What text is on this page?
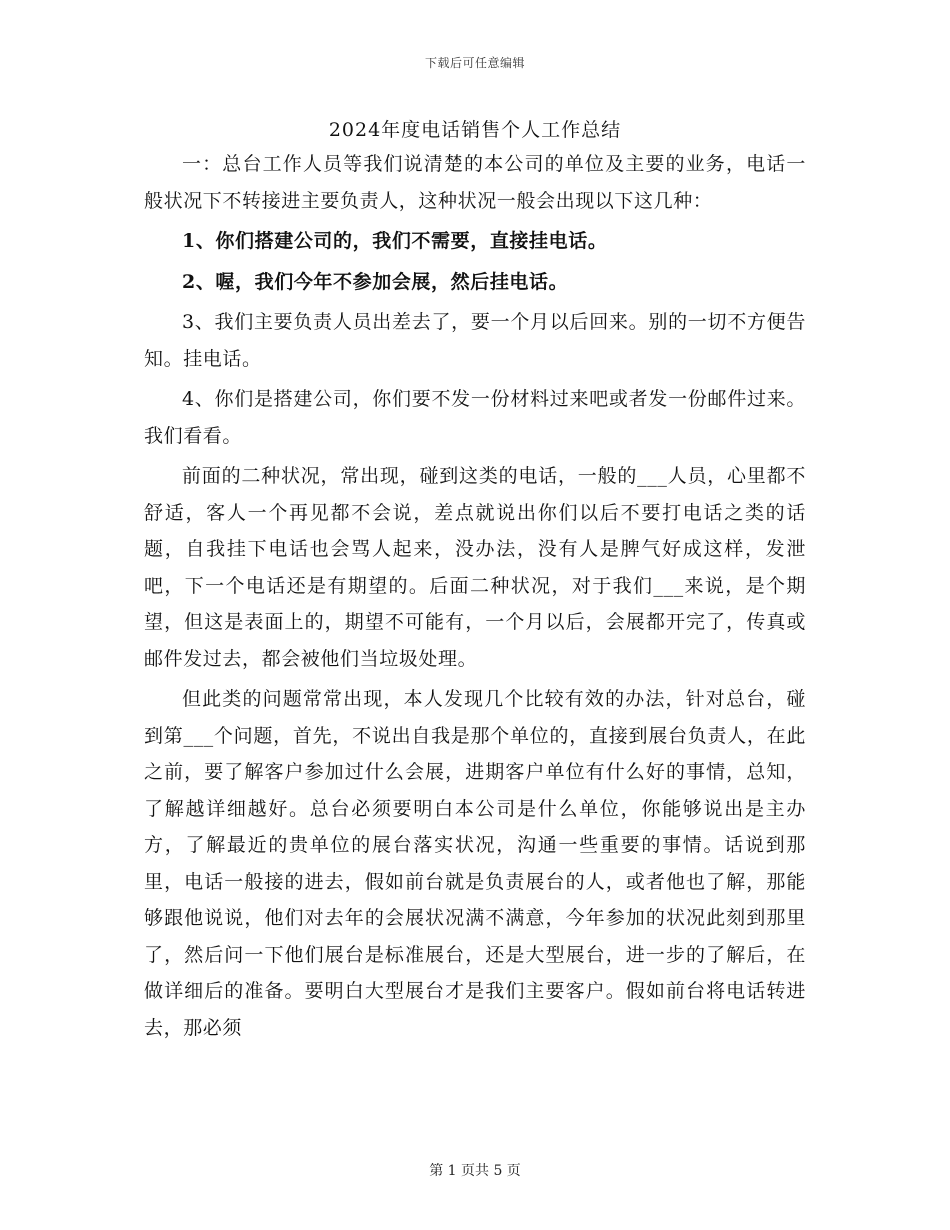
下载后可任意编辑
2024年度电话销售个人工作总结

一：总台工作人员等我们说清楚的本公司的单位及主要的业务，电话一般状况下不转接进主要负责人，这种状况一般会出现以下这几种：

1、你们搭建公司的，我们不需要，直接挂电话。

2、喔，我们今年不参加会展，然后挂电话。

3、我们主要负责人员出差去了，要一个月以后回来。别的一切不方便告知。挂电话。

4、你们是搭建公司，你们要不发一份材料过来吧或者发一份邮件过来。我们看看。

前面的二种状况，常出现，碰到这类的电话，一般的___人员，心里都不舒适，客人一个再见都不会说，差点就说出你们以后不要打电话之类的话题，自我挂下电话也会骂人起来，没办法，没有人是脾气好成这样，发泄吧，下一个电话还是有期望的。后面二种状况，对于我们___来说，是个期望，但这是表面上的，期望不可能有，一个月以后，会展都开完了，传真或邮件发过去，都会被他们当垃圾处理。

但此类的问题常常出现，本人发现几个比较有效的办法，针对总台，碰到第___个问题，首先，不说出自我是那个单位的，直接到展台负责人，在此之前，要了解客户参加过什么会展，进期客户单位有什么好的事情，总知，了解越详细越好。总台必须要明白本公司是什么单位，你能够说出是主办方，了解最近的贵单位的展台落实状况，沟通一些重要的事情。话说到那里，电话一般接的进去，假如前台就是负责展台的人，或者他也了解，那能够跟他说说，他们对去年的会展状况满不满意，今年参加的状况此刻到那里了，然后问一下他们展台是标准展台，还是大型展台，进一步的了解后，在做详细后的准备。要明白大型展台才是我们主要客户。假如前台将电话转进去，那必须

第 1 页共 5 页
